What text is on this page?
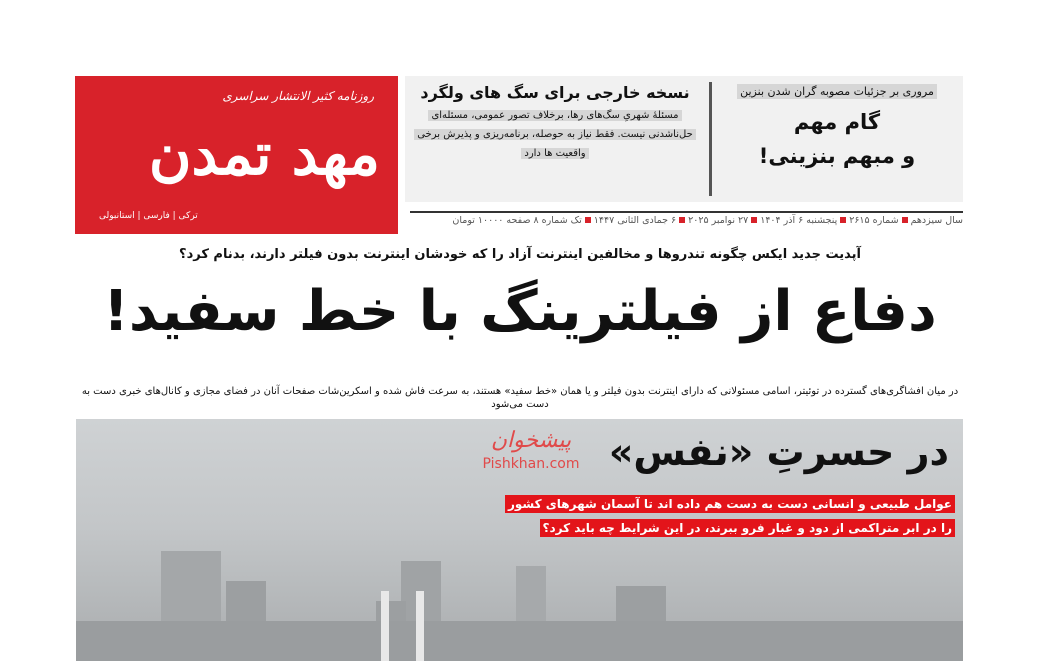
روزنامه کثیر الانتشار سراسری
مهد تمدن
ترکی | فارسی | استانبولی
نسخه خارجی برای سگ های ولگرد
مسئلهٔ شهریِ سگ‌های رها، برخلاف تصور عمومی، مسئله‌ای حل‌ناشدنی نیست. فقط نیاز به حوصله، برنامه‌ریزی و پذیرش برخی واقعیت ها دارد
مروری بر جزئیات مصوبه گران شدن بنزین
گام مهم
و مبهم بنزینی!
سال سیزدهمشماره ۲۶۱۵پنجشنبه ۶ آذر ۱۴۰۴۲۷ نوامبر ۲۰۲۵۶ جمادی الثانی ۱۴۴۷تک شماره ۸ صفحه ۱۰۰۰۰ تومان
آپدیت جدید ایکس چگونه تندروها و مخالفین اینترنت آزاد را که خودشان اینترنت بدون فیلتر دارند، بدنام کرد؟
دفاع از فیلترینگ با خط سفید!
در میان افشاگری‌های گسترده در توئیتر، اسامی مسئولانی که دارای اینترنت بدون فیلتر و یا همان «خط سفید» هستند، به سرعت فاش شده و اسکرین‌شات صفحات آنان در فضای مجازی و کانال‌های خبری دست به دست می‌شود
پیشخوان
Pishkhan.com در حسرتِ «نفس»
عوامل طبیعی و انسانی دست به دست هم داده اند تا آسمان شهرهای کشور
را در ابر متراکمی از دود و غبار فرو ببرند، در این شرایط چه باید کرد؟
